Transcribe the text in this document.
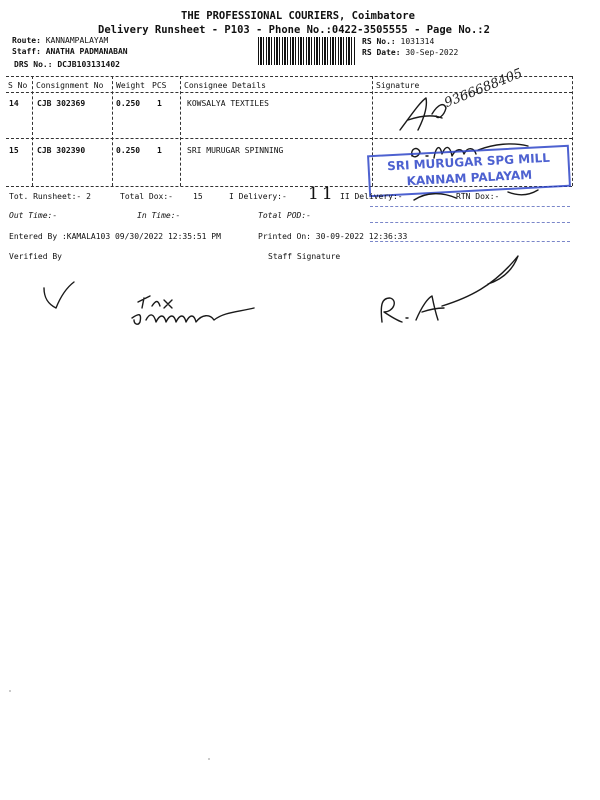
THE PROFESSIONAL COURIERS, Coimbatore
Delivery Runsheet - P103 - Phone No.:0422-3505555 - Page No.:2
Route: KANNAMPALAYAM
Staff: ANATHA PADMANABAN
DRS No.: DCJB103131402
RS No.: 1031314
RS Date: 30-Sep-2022
S No Consignment No Weight PCS Consignee Details	Signature
14 CJB 302369	0.250 1	KOWSALYA TEXTILES
15 CJB 302390	0.250 1	SRI MURUGAR SPINNING
9366688405
SRI MURUGAR SPG MILL
KANNAM PALAYAM
Tot. Runsheet:- 2	Total Dox:-	15	I Delivery:- 11 II Delivery:-	RTN Dox:-
Out Time:-	In Time:-	Total POD:-
Entered By :KAMALA103 09/30/2022 12:35:51 PM	Printed On: 30-09-2022 12:36:33
Verified By	Staff Signature
